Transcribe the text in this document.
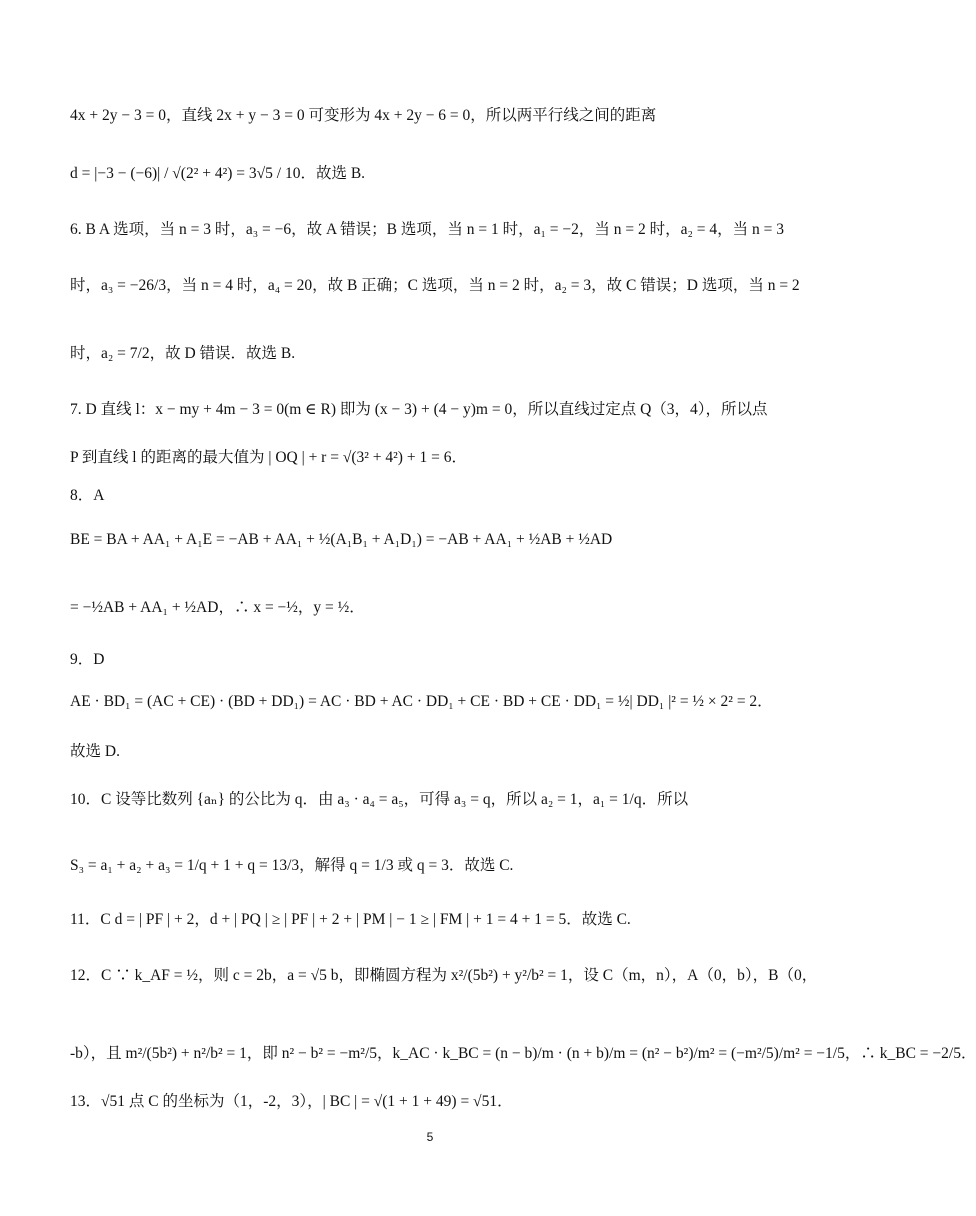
4x + 2y − 3 = 0，直线 2x + y − 3 = 0 可变形为 4x + 2y − 6 = 0，所以两平行线之间的距离
d = |−3 − (−6)| / √(2² + 4²) = 3√5 / 10．故选 B.
6. B A 选项，当 n = 3 时，a₃ = −6，故 A 错误；B 选项，当 n = 1 时，a₁ = −2，当 n = 2 时，a₂ = 4，当 n = 3
时，a₃ = −26/3，当 n = 4 时，a₄ = 20，故 B 正确；C 选项，当 n = 2 时，a₂ = 3，故 C 错误；D 选项，当 n = 2
时，a₂ = 7/2，故 D 错误．故选 B.
7. D 直线 l：x − my + 4m − 3 = 0(m ∈ R) 即为 (x − 3) + (4 − y)m = 0，所以直线过定点 Q（3，4），所以点
P 到直线 l 的距离的最大值为 | OQ | + r = √(3² + 4²) + 1 = 6．
8．A
BE = BA + AA₁ + A₁E = −AB + AA₁ + ½(A₁B₁ + A₁D₁) = −AB + AA₁ + ½AB + ½AD
= −½AB + AA₁ + ½AD，∴ x = −½，y = ½．
9．D
AE · BD₁ = (AC + CE) · (BD + DD₁) = AC · BD + AC · DD₁ + CE · BD + CE · DD₁ = ½| DD₁ |² = ½ × 2² = 2．
故选 D.
10．C 设等比数列 {aₙ} 的公比为 q．由 a₃ · a₄ = a₅，可得 a₃ = q，所以 a₂ = 1，a₁ = 1/q．所以
S₃ = a₁ + a₂ + a₃ = 1/q + 1 + q = 13/3，解得 q = 1/3 或 q = 3．故选 C.
11．C d = | PF | + 2，d + | PQ | ≥ | PF | + 2 + | PM | − 1 ≥ | FM | + 1 = 4 + 1 = 5．故选 C.
12．C ∵ k_AF = ½，则 c = 2b，a = √5 b，即椭圆方程为 x²/(5b²) + y²/b² = 1，设 C（m，n），A（0，b），B（0，
-b），且 m²/(5b²) + n²/b² = 1，即 n² − b² = −m²/5，k_AC · k_BC = (n − b)/m · (n + b)/m = (n² − b²)/m² = (−m²/5)/m² = −1/5，∴ k_BC = −2/5．
13．√51 点 C 的坐标为（1，-2，3），| BC | = √(1 + 1 + 49) = √51．
5
